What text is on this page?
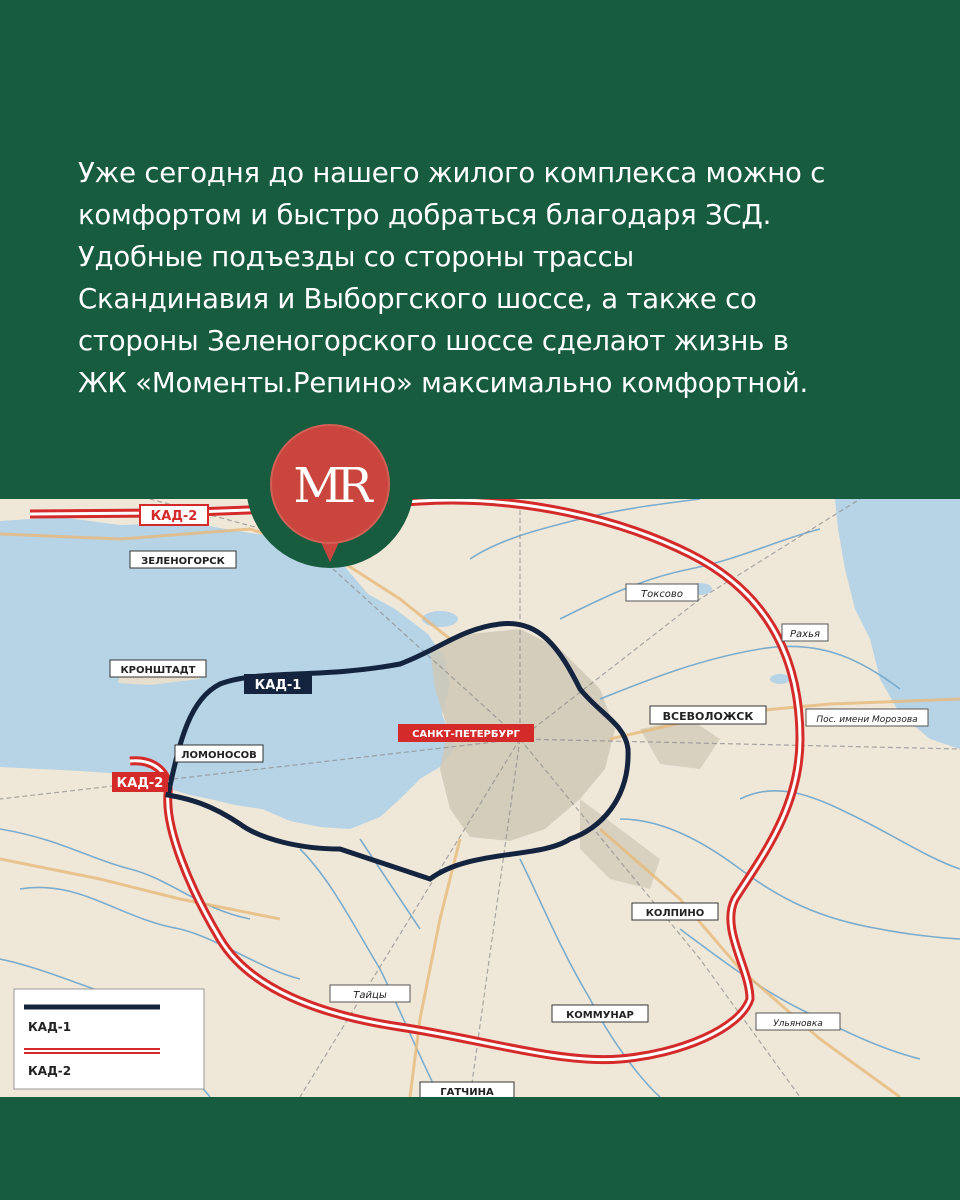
Уже сегодня до нашего жилого комплекса можно с
комфортом и быстро добраться благодаря ЗСД.
Удобные подъезды со стороны трассы
Скандинавия и Выборгского шоссе, а также со
стороны Зеленогорского шоссе сделают жизнь в
ЖК «Моменты.Репино» максимально комфортной.
КАД-2
ЗЕЛЕНОГОРСК
КРОНШТАДТ
КАД-1
ЛОМОНОСОВ
КАД-2
САНКТ-ПЕТЕРБУРГ
Токсово
Рахья
ВСЕВОЛОЖСК	Пос. имени Морозова
КОЛПИНО
Тайцы
КОММУНАР
Ульяновка
ГАТЧИНА
КАД-1
КАД-2
MR
